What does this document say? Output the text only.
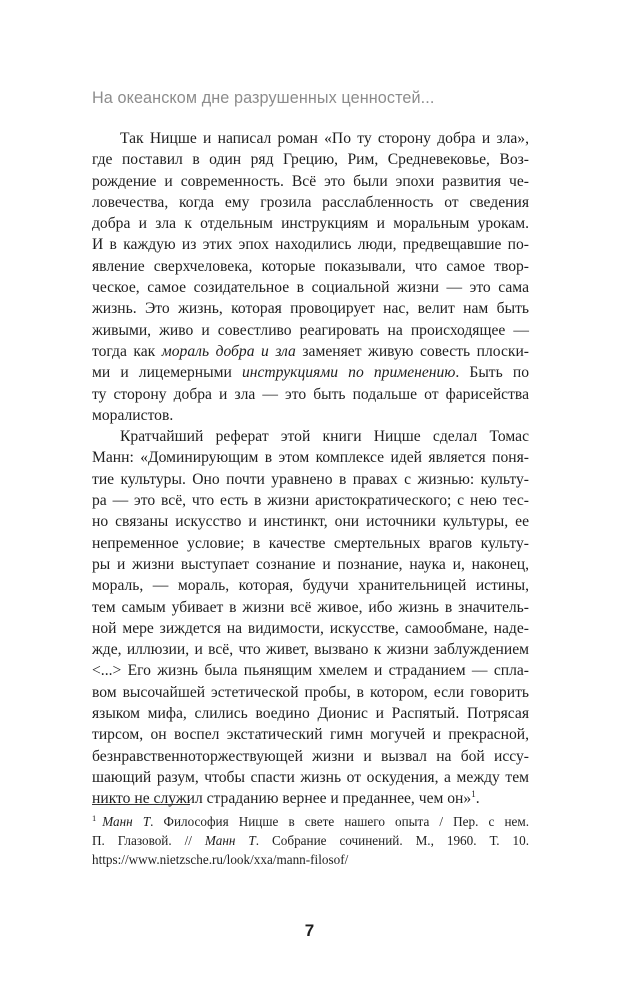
На океанском дне разрушенных ценностей...
Так Ницше и написал роман «По ту сторону добра и зла»,
где поставил в один ряд Грецию, Рим, Средневековье, Воз-
рождение и современность. Всё это были эпохи развития че-
ловечества, когда ему грозила расслабленность от сведения
добра и зла к отдельным инструкциям и моральным урокам.
И в каждую из этих эпох находились люди, предвещавшие по-
явление сверхчеловека, которые показывали, что самое твор-
ческое, самое созидательное в социальной жизни — это сама
жизнь. Это жизнь, которая провоцирует нас, велит нам быть
живыми, живо и совестливо реагировать на происходящее —
тогда как мораль добра и зла заменяет живую совесть плоски-
ми и лицемерными инструкциями по применению. Быть по
ту сторону добра и зла — это быть подальше от фарисейства
моралистов.
Кратчайший реферат этой книги Ницше сделал Томас
Манн: «Доминирующим в этом комплексе идей является поня-
тие культуры. Оно почти уравнено в правах с жизнью: культу-
ра — это всё, что есть в жизни аристократического; с нею тес-
но связаны искусство и инстинкт, они источники культуры, ее
непременное условие; в качестве смертельных врагов культу-
ры и жизни выступает сознание и познание, наука и, наконец,
мораль, — мораль, которая, будучи хранительницей истины,
тем самым убивает в жизни всё живое, ибо жизнь в значитель-
ной мере зиждется на видимости, искусстве, самообмане, наде-
жде, иллюзии, и всё, что живет, вызвано к жизни заблуждением
<...> Его жизнь была пьянящим хмелем и страданием — спла-
вом высочайшей эстетической пробы, в котором, если говорить
языком мифа, слились воедино Дионис и Распятый. Потрясая
тирсом, он воспел экстатический гимн могучей и прекрасной,
безнравственноторжествующей жизни и вызвал на бой иссу-
шающий разум, чтобы спасти жизнь от оскудения, а между тем
никто не служил страданию вернее и преданнее, чем он»$^1$.
$^1$ Манн Т. Философия Ницше в свете нашего опыта / Пер. с нем.
П. Глазовой. // Манн Т. Собрание сочинений. М., 1960. Т. 10.
https://www.nietzsche.ru/look/xxa/mann-filosof/
7
